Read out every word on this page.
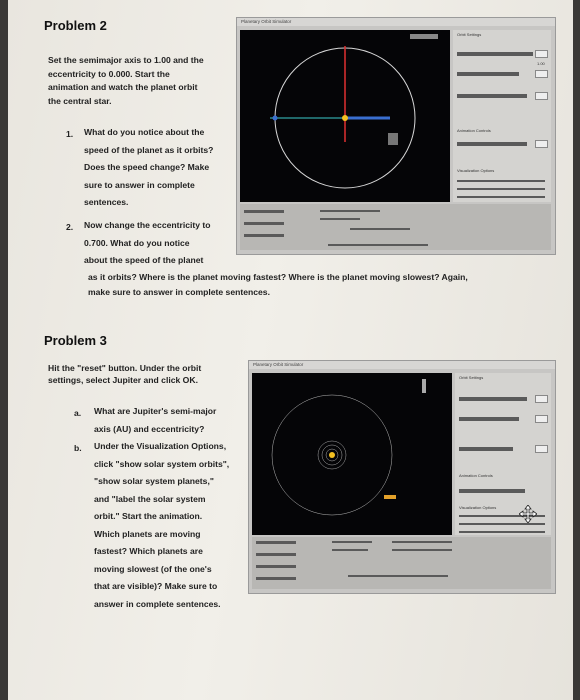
Problem 2
Set the semimajor axis to 1.00 and the
eccentricity to 0.000. Start the
animation and watch the planet orbit
the central star.
1. What do you notice about the
speed of the planet as it orbits?
Does the speed change? Make
sure to answer in complete
sentences.
2. Now change the eccentricity to
0.700. What do you notice
about the speed of the planet
as it orbits? Where is the planet moving fastest? Where is the planet moving slowest? Again,
make sure to answer in complete sentences.
Planetary Orbit Simulator
Orbit Settings
1.00
Animation Controls
Visualization Options
Problem 3
Hit the "reset" button. Under the orbit
settings, select Jupiter and click OK.
a. What are Jupiter's semi-major
axis (AU) and eccentricity?
b. Under the Visualization Options,
click "show solar system orbits",
"show solar system planets,"
and "label the solar system
orbit." Start the animation.
Which planets are moving
fastest? Which planets are
moving slowest (of the one's
that are visible)? Make sure to
answer in complete sentences.
Planetary Orbit Simulator
Orbit Settings
Animation Controls
Visualization Options
